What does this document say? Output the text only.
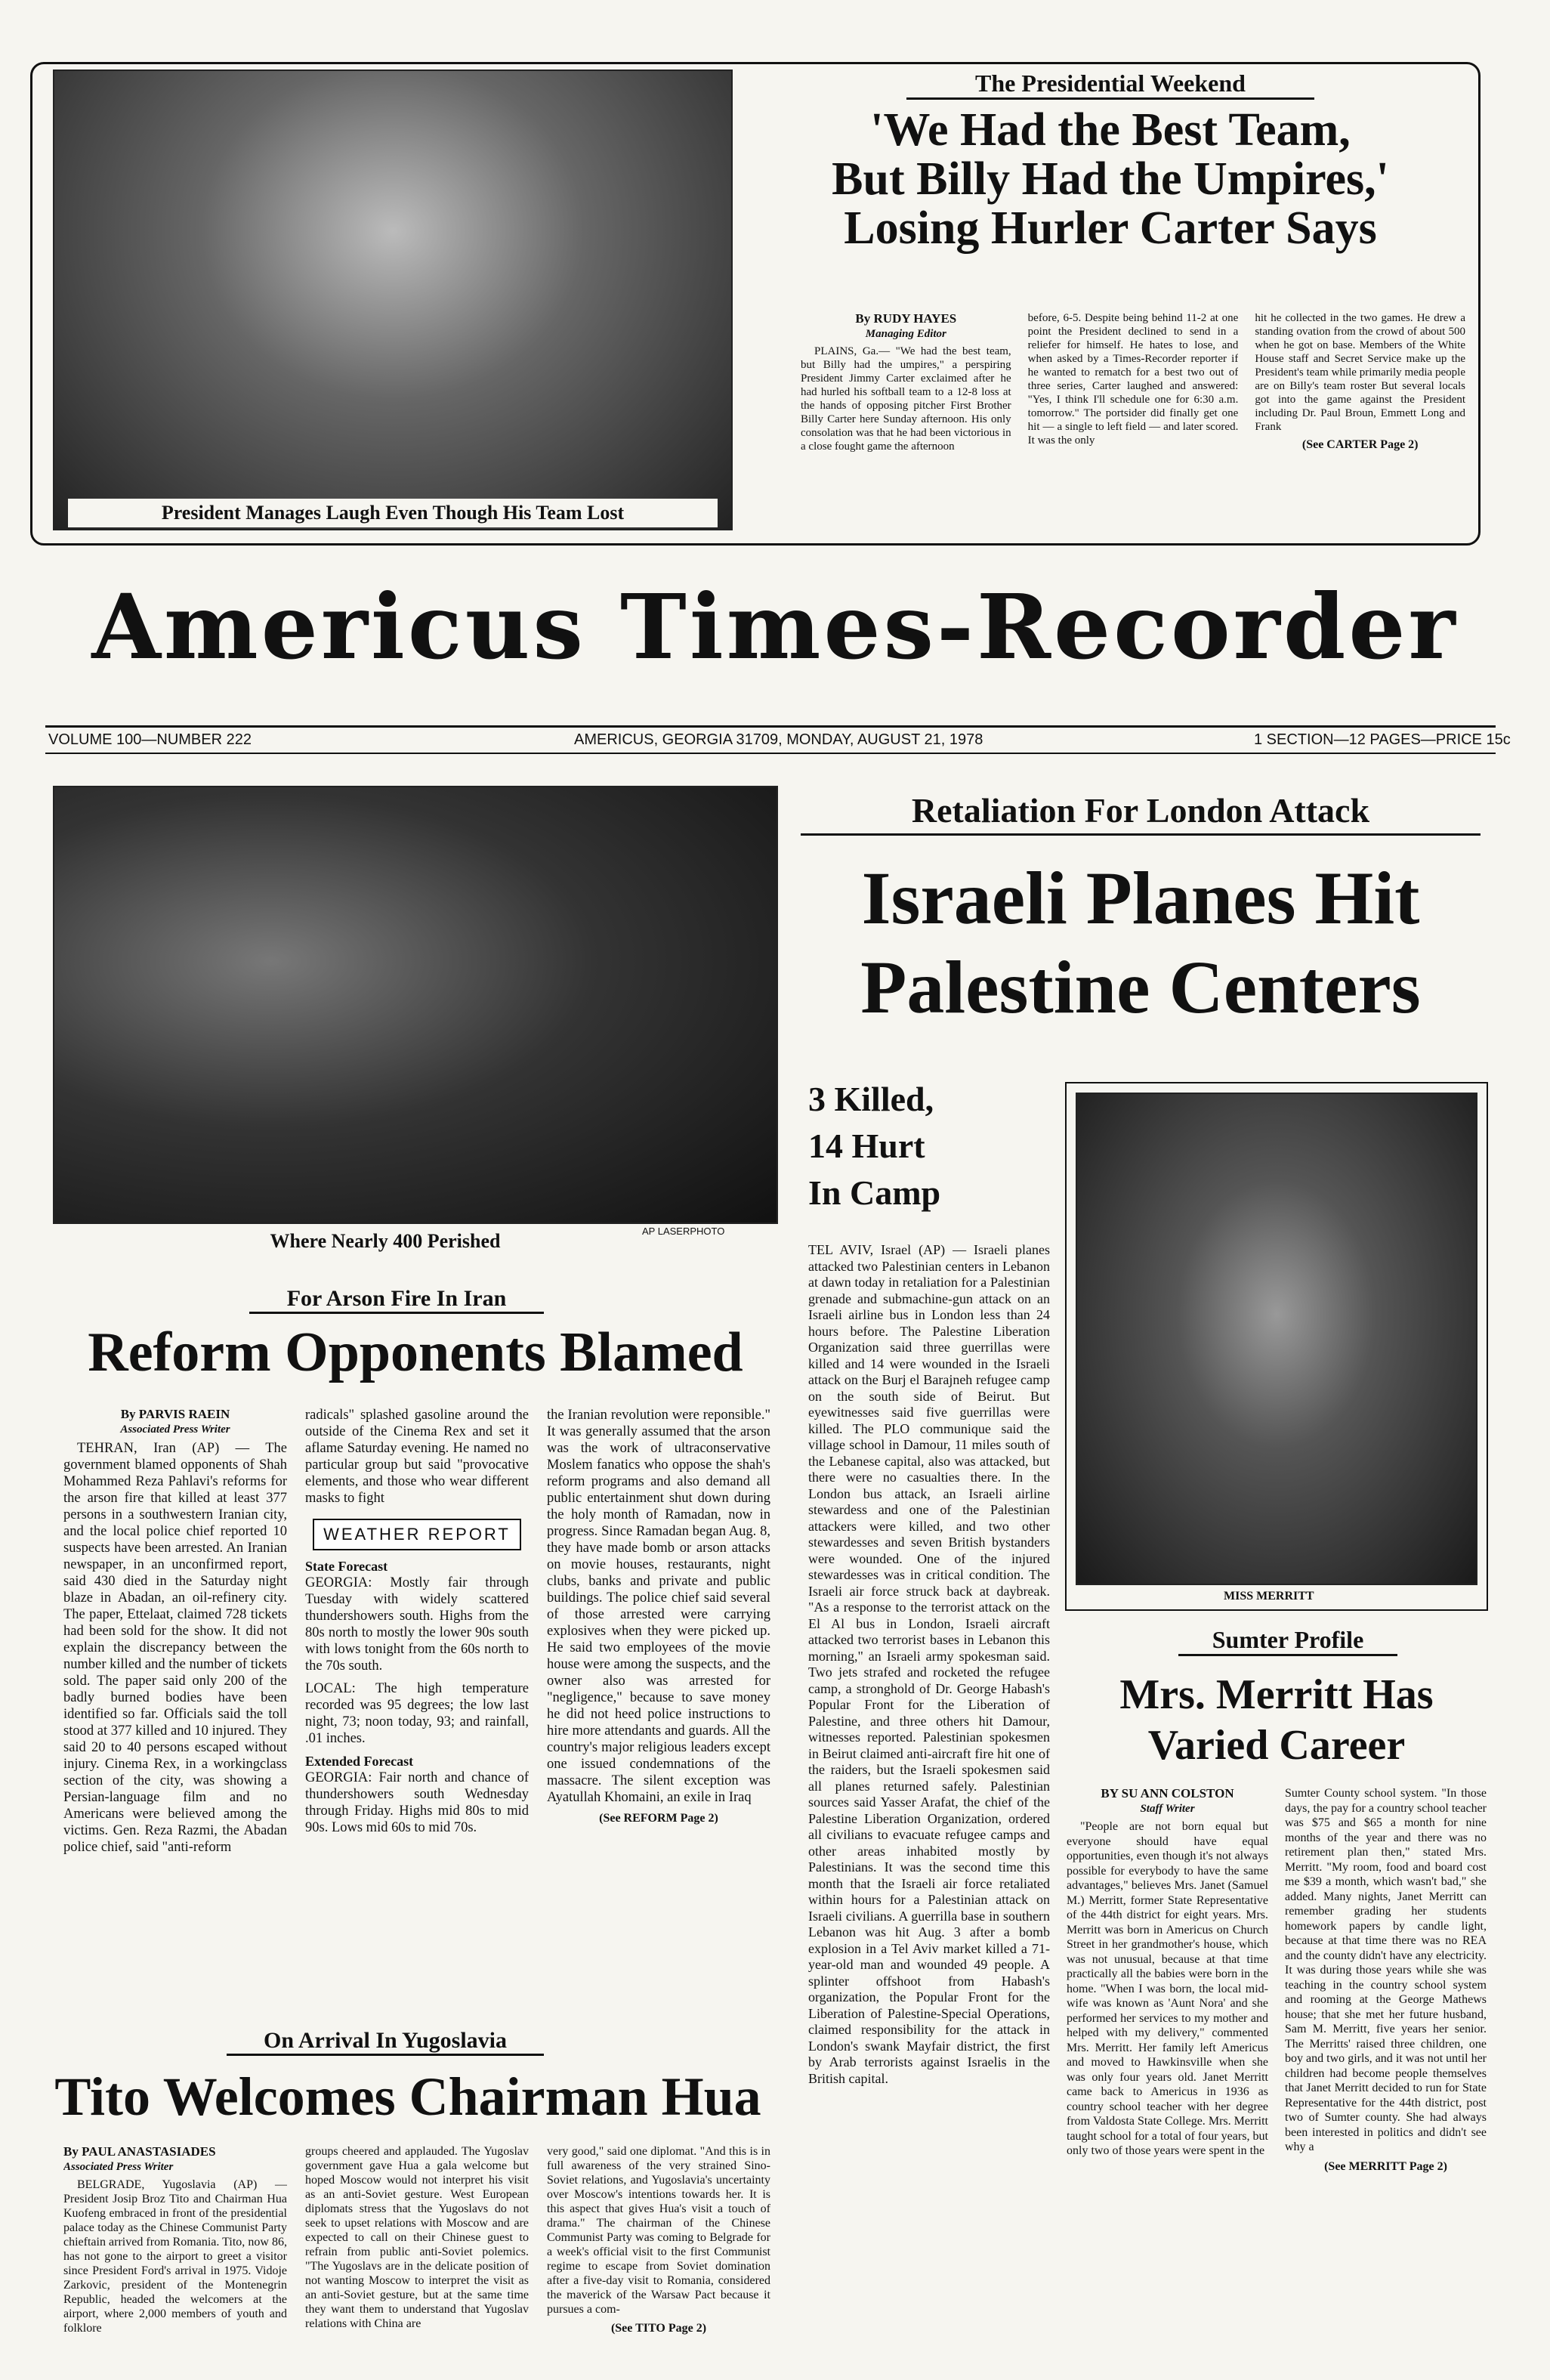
President Manages Laugh Even Though His Team Lost
The Presidential Weekend
'We Had the Best Team,
But Billy Had the Umpires,'
Losing Hurler Carter Says
By RUDY HAYES
Managing Editor

PLAINS, Ga.— "We had the best team, but Billy had the umpires," a perspiring President Jimmy Carter exclaimed after he had hurled his softball team to a 12-8 loss at the hands of opposing pitcher First Brother Billy Carter here Sunday afternoon. His only consolation was that he had been victorious in a close fought game the afternoon

before, 6-5. Despite being behind 11-2 at one point the President declined to send in a reliefer for himself. He hates to lose, and when asked by a Times-Recorder reporter if he wanted to rematch for a best two out of three series, Carter laughed and answered: "Yes, I think I'll schedule one for 6:30 a.m. tomorrow." The portsider did finally get one hit — a single to left field — and later scored. It was the only

hit he collected in the two games. He drew a standing ovation from the crowd of about 500 when he got on base. Members of the White House staff and Secret Service make up the President's team while primarily media people are on Billy's team roster But several locals got into the game against the President including Dr. Paul Broun, Emmett Long and Frank

(See CARTER Page 2)
Americus Times-Recorder
VOLUME 100—NUMBER 222	AMERICUS, GEORGIA 31709, MONDAY, AUGUST 21, 1978	1 SECTION—12 PAGES—PRICE 15c
Where Nearly 400 Perished	AP LASERPHOTO
For Arson Fire In Iran
Reform Opponents Blamed
By PARVIS RAEIN
Associated Press Writer

TEHRAN, Iran (AP) — The government blamed opponents of Shah Mohammed Reza Pahlavi's reforms for the arson fire that killed at least 377 persons in a southwestern Iranian city, and the local police chief reported 10 suspects have been arrested. An Iranian newspaper, in an unconfirmed report, said 430 died in the Saturday night blaze in Abadan, an oil-refinery city. The paper, Ettelaat, claimed 728 tickets had been sold for the show. It did not explain the discrepancy between the number killed and the number of tickets sold. The paper said only 200 of the badly burned bodies have been identified so far. Officials said the toll stood at 377 killed and 10 injured. They said 20 to 40 persons escaped without injury. Cinema Rex, in a workingclass section of the city, was showing a Persian-language film and no Americans were believed among the victims. Gen. Reza Razmi, the Abadan police chief, said "anti-reform

radicals" splashed gasoline around the outside of the Cinema Rex and set it aflame Saturday evening. He named no particular group but said "provocative elements, and those who wear different masks to fight

WEATHER REPORT
State Forecast

GEORGIA: Mostly fair through Tuesday with widely scattered thundershowers south. Highs from the 80s north to mostly the lower 90s south with lows tonight from the 60s north to the 70s south.

LOCAL: The high temperature recorded was 95 degrees; the low last night, 73; noon today, 93; and rainfall, .01 inches.

Extended Forecast

GEORGIA: Fair north and chance of thundershowers south Wednesday through Friday. Highs mid 80s to mid 90s. Lows mid 60s to mid 70s.

the Iranian revolution were reponsible." It was generally assumed that the arson was the work of ultraconservative Moslem fanatics who oppose the shah's reform programs and also demand all public entertainment shut down during the holy month of Ramadan, now in progress. Since Ramadan began Aug. 8, they have made bomb or arson attacks on movie houses, restaurants, night clubs, banks and private and public buildings. The police chief said several of those arrested were carrying explosives when they were picked up. He said two employees of the movie house were among the suspects, and the owner also was arrested for "negligence," because to save money he did not heed police instructions to hire more attendants and guards. All the country's major religious leaders except one issued condemnations of the massacre. The silent exception was Ayatullah Khomaini, an exile in Iraq

(See REFORM Page 2)
On Arrival In Yugoslavia
Tito Welcomes Chairman Hua
By PAUL ANASTASIADES
Associated Press Writer

BELGRADE, Yugoslavia (AP) — President Josip Broz Tito and Chairman Hua Kuofeng embraced in front of the presidential palace today as the Chinese Communist Party chieftain arrived from Romania. Tito, now 86, has not gone to the airport to greet a visitor since President Ford's arrival in 1975. Vidoje Zarkovic, president of the Montenegrin Republic, headed the welcomers at the airport, where 2,000 members of youth and folklore

groups cheered and applauded. The Yugoslav government gave Hua a gala welcome but hoped Moscow would not interpret his visit as an anti-Soviet gesture. West European diplomats stress that the Yugoslavs do not seek to upset relations with Moscow and are expected to call on their Chinese guest to refrain from public anti-Soviet polemics. "The Yugoslavs are in the delicate position of not wanting Moscow to interpret the visit as an anti-Soviet gesture, but at the same time they want them to understand that Yugoslav relations with China are

very good," said one diplomat. "And this is in full awareness of the very strained Sino-Soviet relations, and Yugoslavia's uncertainty over Moscow's intentions towards her. It is this aspect that gives Hua's visit a touch of drama." The chairman of the Chinese Communist Party was coming to Belgrade for a week's official visit to the first Communist regime to escape from Soviet domination after a five-day visit to Romania, considered the maverick of the Warsaw Pact because it pursues a com-

(See TITO Page 2)
Retaliation For London Attack
Israeli Planes Hit
Palestine Centers
3 Killed,
14 Hurt
In Camp

TEL AVIV, Israel (AP) — Israeli planes attacked two Palestinian centers in Lebanon at dawn today in retaliation for a Palestinian grenade and submachine-gun attack on an Israeli airline bus in London less than 24 hours before. The Palestine Liberation Organization said three guerrillas were killed and 14 were wounded in the Israeli attack on the Burj el Barajneh refugee camp on the south side of Beirut. But eyewitnesses said five guerrillas were killed. The PLO communique said the village school in Damour, 11 miles south of the Lebanese capital, also was attacked, but there were no casualties there. In the London bus attack, an Israeli airline stewardess and one of the Palestinian attackers were killed, and two other stewardesses and seven British bystanders were wounded. One of the injured stewardesses was in critical condition. The Israeli air force struck back at daybreak. "As a response to the terrorist attack on the El Al bus in London, Israeli aircraft attacked two terrorist bases in Lebanon this morning," an Israeli army spokesman said. Two jets strafed and rocketed the refugee camp, a stronghold of Dr. George Habash's Popular Front for the Liberation of Palestine, and three others hit Damour, witnesses reported. Palestinian spokesmen in Beirut claimed anti-aircraft fire hit one of the raiders, but the Israeli spokesmen said all planes returned safely. Palestinian sources said Yasser Arafat, the chief of the Palestine Liberation Organization, ordered all civilians to evacuate refugee camps and other areas inhabited mostly by Palestinians. It was the second time this month that the Israeli air force retaliated within hours for a Palestinian attack on Israeli civilians. A guerrilla base in southern Lebanon was hit Aug. 3 after a bomb explosion in a Tel Aviv market killed a 71-year-old man and wounded 49 people. A splinter offshoot from Habash's organization, the Popular Front for the Liberation of Palestine-Special Operations, claimed responsibility for the attack in London's swank Mayfair district, the first by Arab terrorists against Israelis in the British capital.

MISS MERRITT
Sumter Profile
Mrs. Merritt Has
Varied Career
BY SU ANN COLSTON
Staff Writer

"People are not born equal but everyone should have equal opportunities, even though it's not always possible for everybody to have the same advantages," believes Mrs. Janet (Samuel M.) Merritt, former State Representative of the 44th district for eight years. Mrs. Merritt was born in Americus on Church Street in her grandmother's house, which was not unusual, because at that time practically all the babies were born in the home. "When I was born, the local mid-wife was known as 'Aunt Nora' and she performed her services to my mother and helped with my delivery," commented Mrs. Merritt. Her family left Americus and moved to Hawkinsville when she was only four years old. Janet Merritt came back to Americus in 1936 as country school teacher with her degree from Valdosta State College. Mrs. Merritt taught school for a total of four years, but only two of those years were spent in the

Sumter County school system. "In those days, the pay for a country school teacher was $75 and $65 a month for nine months of the year and there was no retirement plan then," stated Mrs. Merritt. "My room, food and board cost me $39 a month, which wasn't bad," she added. Many nights, Janet Merritt can remember grading her students homework papers by candle light, because at that time there was no REA and the county didn't have any electricity. It was during those years while she was teaching in the country school system and rooming at the George Mathews house; that she met her future husband, Sam M. Merritt, five years her senior. The Merritts' raised three children, one boy and two girls, and it was not until her children had become people themselves that Janet Merritt decided to run for State Representative for the 44th district, post two of Sumter county. She had always been interested in politics and didn't see why a

(See MERRITT Page 2)
